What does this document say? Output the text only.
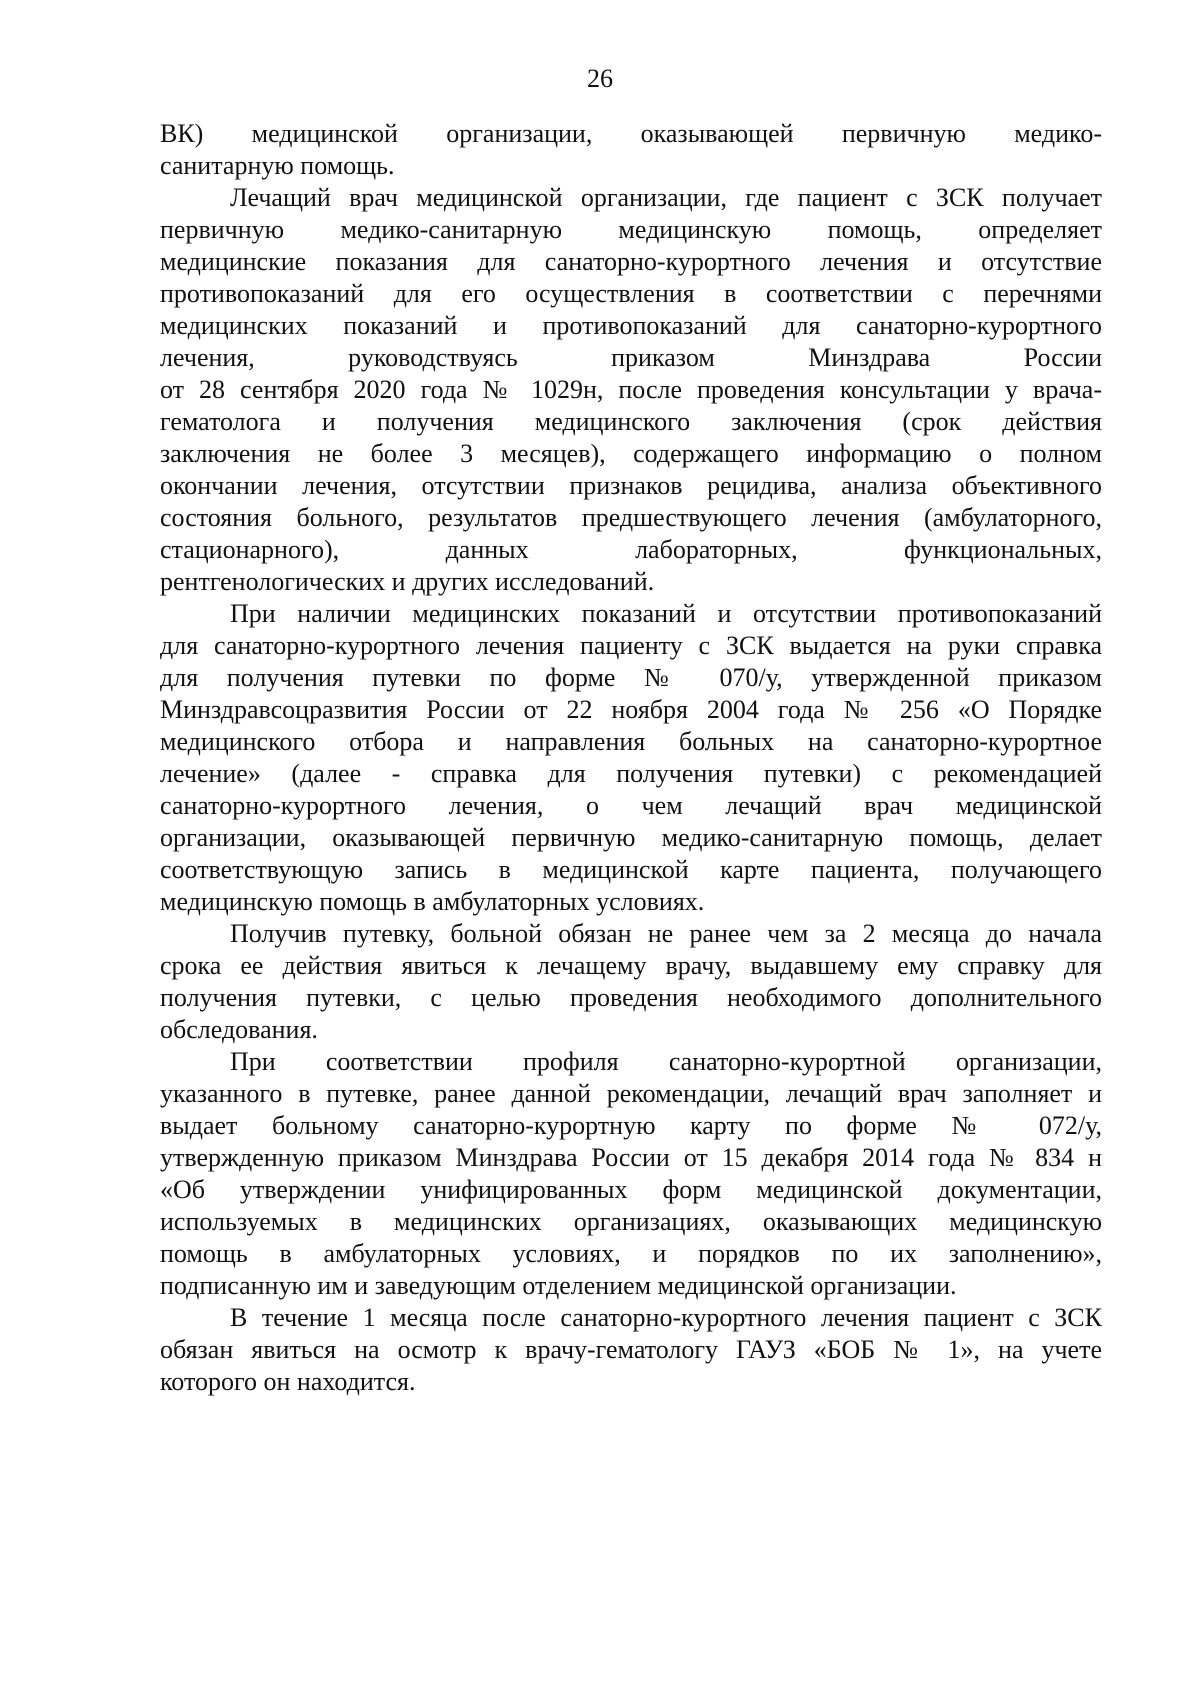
26
ВК) медицинской организации, оказывающей первичную медико-
санитарную помощь.
Лечащий врач медицинской организации, где пациент с ЗСК получает
первичную медико-санитарную медицинскую помощь, определяет
медицинские показания для санаторно-курортного лечения и отсутствие
противопоказаний для его осуществления в соответствии с перечнями
медицинских показаний и противопоказаний для санаторно-курортного
лечения, руководствуясь приказом Минздрава России
от 28 сентября 2020 года № 1029н, после проведения консультации у врача-
гематолога и получения медицинского заключения (срок действия
заключения не более 3 месяцев), содержащего информацию о полном
окончании лечения, отсутствии признаков рецидива, анализа объективного
состояния больного, результатов предшествующего лечения (амбулаторного,
стационарного), данных лабораторных, функциональных,
рентгенологических и других исследований.
При наличии медицинских показаний и отсутствии противопоказаний
для санаторно-курортного лечения пациенту с ЗСК выдается на руки справка
для получения путевки по форме № 070/у, утвержденной приказом
Минздравсоцразвития России от 22 ноября 2004 года № 256 «О Порядке
медицинского отбора и направления больных на санаторно-курортное
лечение» (далее - справка для получения путевки) с рекомендацией
санаторно-курортного лечения, о чем лечащий врач медицинской
организации, оказывающей первичную медико-санитарную помощь, делает
соответствующую запись в медицинской карте пациента, получающего
медицинскую помощь в амбулаторных условиях.
Получив путевку, больной обязан не ранее чем за 2 месяца до начала
срока ее действия явиться к лечащему врачу, выдавшему ему справку для
получения путевки, с целью проведения необходимого дополнительного
обследования.
При соответствии профиля санаторно-курортной организации,
указанного в путевке, ранее данной рекомендации, лечащий врач заполняет и
выдает больному санаторно-курортную карту по форме № 072/у,
утвержденную приказом Минздрава России от 15 декабря 2014 года № 834 н
«Об утверждении унифицированных форм медицинской документации,
используемых в медицинских организациях, оказывающих медицинскую
помощь в амбулаторных условиях, и порядков по их заполнению»,
подписанную им и заведующим отделением медицинской организации.
В течение 1 месяца после санаторно-курортного лечения пациент с ЗСК
обязан явиться на осмотр к врачу-гематологу ГАУЗ «БОБ № 1», на учете
которого он находится.
